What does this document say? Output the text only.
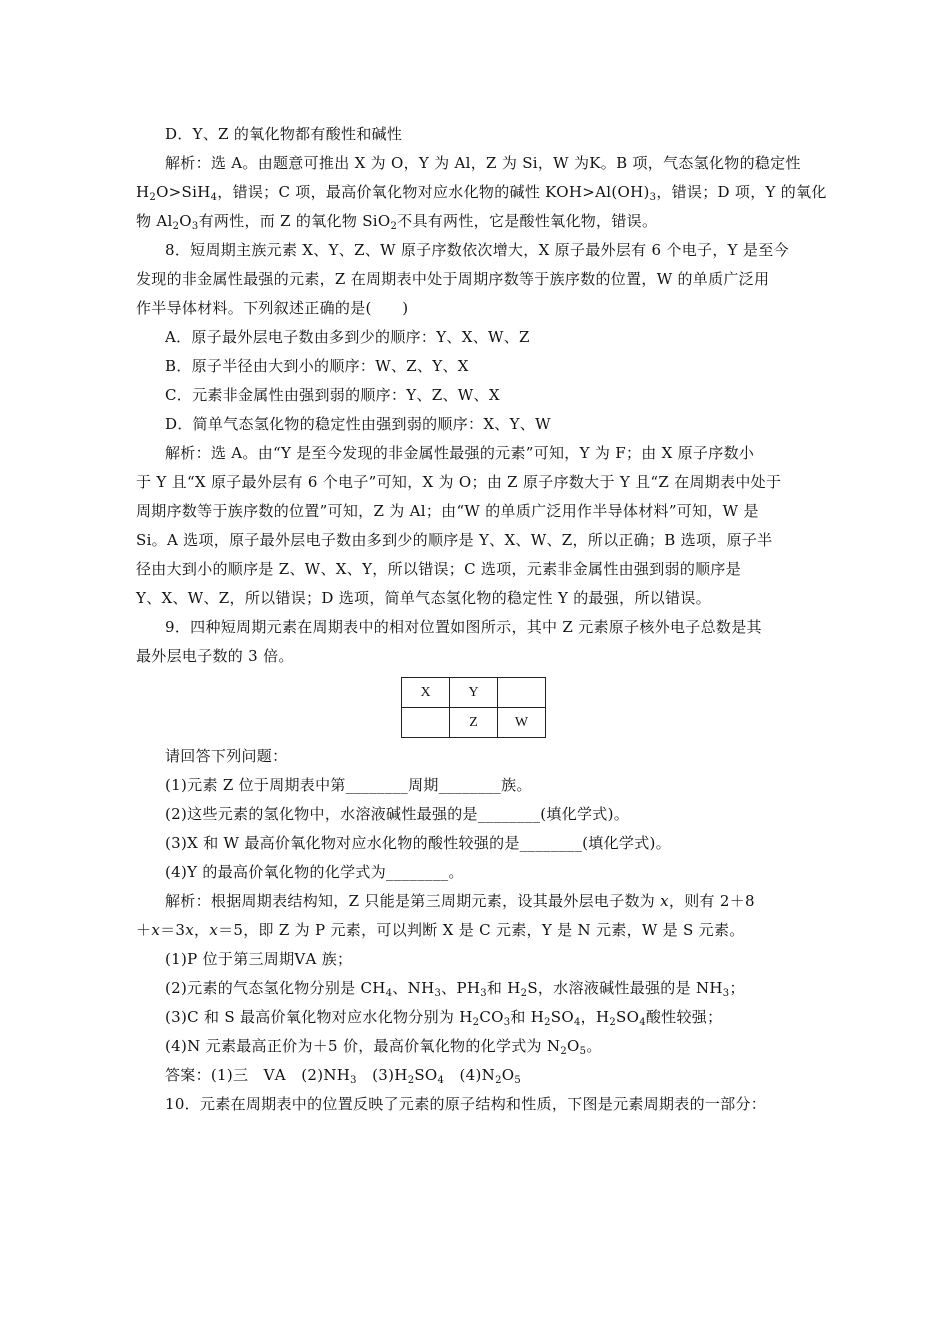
D．Y、Z 的氧化物都有酸性和碱性
解析：选 A。由题意可推出 X 为 O，Y 为 Al，Z 为 Si，W 为K。B 项，气态氢化物的稳定性
$H_2O>SiH_4$，错误；C 项，最高价氧化物对应水化物的碱性 $KOH>Al(OH)_3$，错误；D 项，Y 的氧化
物 $Al_2O_3$有两性，而 Z 的氧化物 SiO$_2$不具有两性，它是酸性氧化物，错误。
8．短周期主族元素 X、Y、Z、W 原子序数依次增大，X 原子最外层有 6 个电子，Y 是至今
发现的非金属性最强的元素，Z 在周期表中处于周期序数等于族序数的位置，W 的单质广泛用
作半导体材料。下列叙述正确的是(　　)
A．原子最外层电子数由多到少的顺序：Y、X、W、Z
B．原子半径由大到小的顺序：W、Z、Y、X
C．元素非金属性由强到弱的顺序：Y、Z、W、X
D．简单气态氢化物的稳定性由强到弱的顺序：X、Y、W
解析：选 A。由“Y 是至今发现的非金属性最强的元素”可知，Y 为 F；由 X 原子序数小
于 Y 且“X 原子最外层有 6 个电子”可知，X 为 O；由 Z 原子序数大于 Y 且“Z 在周期表中处于
周期序数等于族序数的位置”可知，Z 为 Al；由“W 的单质广泛用作半导体材料”可知，W 是
Si。A 选项，原子最外层电子数由多到少的顺序是 Y、X、W、Z，所以正确；B 选项，原子半
径由大到小的顺序是 Z、W、X、Y，所以错误；C 选项，元素非金属性由强到弱的顺序是
Y、X、W、Z，所以错误；D 选项，简单气态氢化物的稳定性 Y 的最强，所以错误。
9．四种短周期元素在周期表中的相对位置如图所示，其中 Z 元素原子核外电子总数是其
最外层电子数的 3 倍。
X	Y	
	Z	W
请回答下列问题：
(1)元素 Z 位于周期表中第________周期________族。
(2)这些元素的氢化物中，水溶液碱性最强的是________(填化学式)。
(3)X 和 W 最高价氧化物对应水化物的酸性较强的是________(填化学式)。
(4)Y 的最高价氧化物的化学式为________。
解析：根据周期表结构知，Z 只能是第三周期元素，设其最外层电子数为 x，则有 2＋8
＋x＝3x，x＝5，即 Z 为 P 元素，可以判断 X 是 C 元素，Y 是 N 元素，W 是 S 元素。
(1)P 位于第三周期ⅤA 族；
(2)元素的气态氢化物分别是 $CH_4$、$NH_3$、$PH_3$和 $H_2S$，水溶液碱性最强的是 $NH_3$；
(3)C 和 S 最高价氧化物对应水化物分别为 $H_2CO_3$和 $H_2SO_4$，$H_2SO_4$酸性较强；
(4)N 元素最高正价为＋5 价，最高价氧化物的化学式为 $N_2O_5$。
答案：(1)三　ⅤA　$(2)NH_3$　$(3)H_2SO_4$　$(4)N_2O_5$
10．元素在周期表中的位置反映了元素的原子结构和性质，下图是元素周期表的一部分：
